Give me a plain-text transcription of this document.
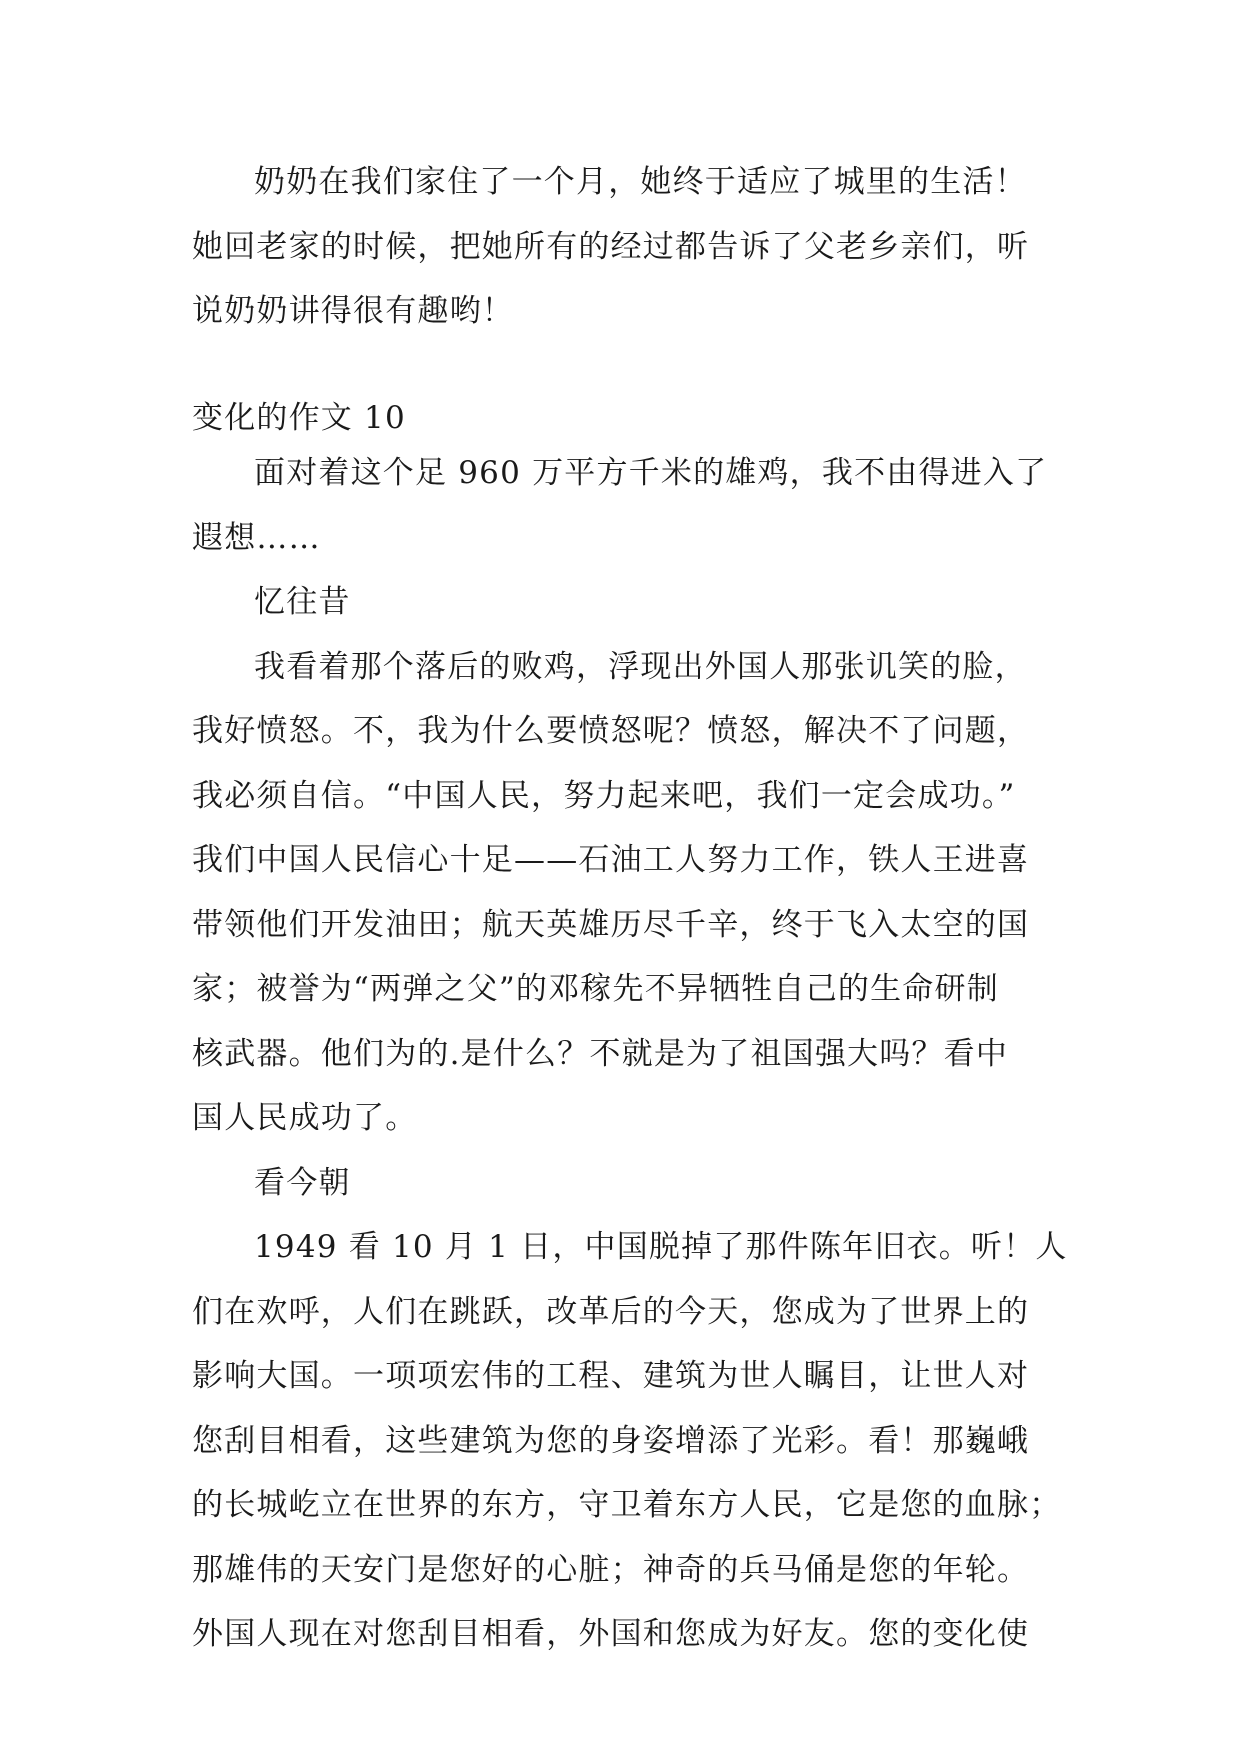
奶奶在我们家住了一个月，她终于适应了城里的生活！
她回老家的时候，把她所有的经过都告诉了父老乡亲们，听
说奶奶讲得很有趣哟！
变化的作文 10
面对着这个足 960 万平方千米的雄鸡，我不由得进入了
遐想……
忆往昔
我看着那个落后的败鸡，浮现出外国人那张讥笑的脸，
我好愤怒。不，我为什么要愤怒呢？愤怒，解决不了问题，
我必须自信。“中国人民，努力起来吧，我们一定会成功。”
我们中国人民信心十足——石油工人努力工作，铁人王进喜
带领他们开发油田；航天英雄历尽千辛，终于飞入太空的国
家；被誉为“两弹之父”的邓稼先不异牺牲自己的生命研制
核武器。他们为的.是什么？不就是为了祖国强大吗？看中
国人民成功了。
看今朝
1949 看 10 月 1 日，中国脱掉了那件陈年旧衣。听！人
们在欢呼，人们在跳跃，改革后的今天，您成为了世界上的
影响大国。一项项宏伟的工程、建筑为世人瞩目，让世人对
您刮目相看，这些建筑为您的身姿增添了光彩。看！那巍峨
的长城屹立在世界的东方，守卫着东方人民，它是您的血脉；
那雄伟的天安门是您好的心脏；神奇的兵马俑是您的年轮。
外国人现在对您刮目相看，外国和您成为好友。您的变化使
